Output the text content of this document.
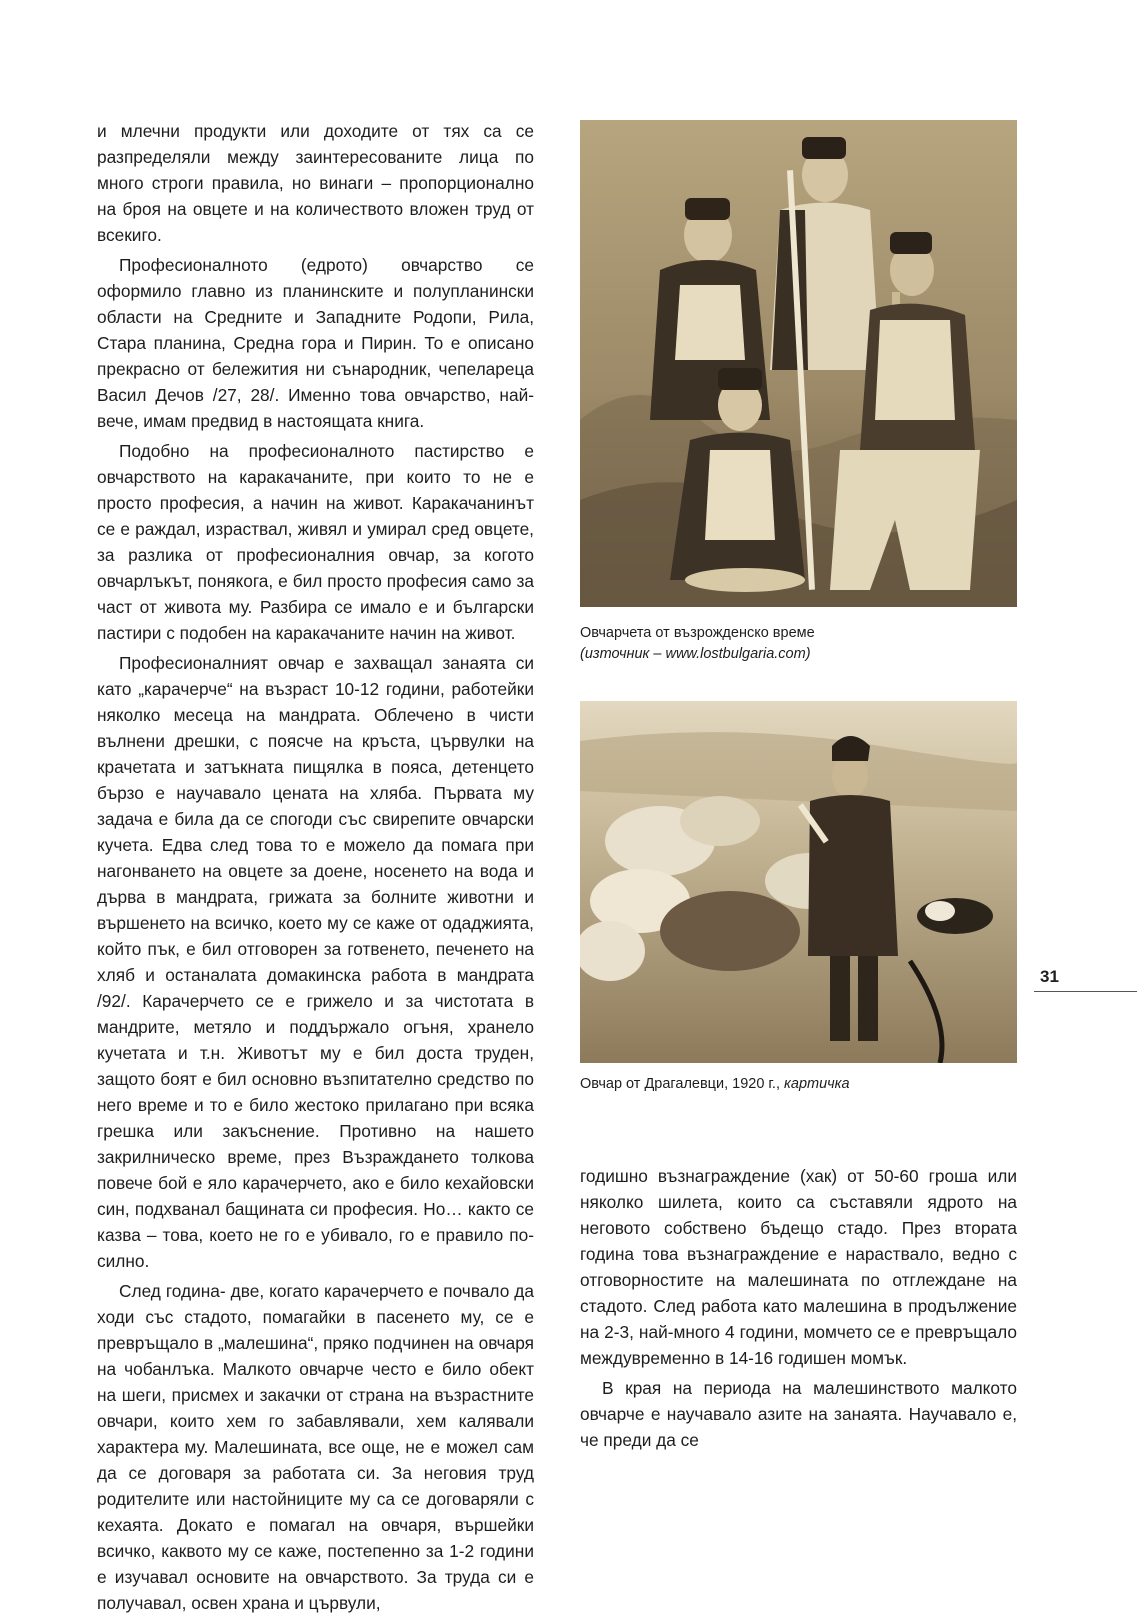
и млечни продукти или доходите от тях са се разпределяли между заинтересованите лица по много строги правила, но винаги – пропорционално на броя на овцете и на количеството вложен труд от всекиго.

Професионалното (едрото) овчарство се оформило главно из планинските и полупланински области на Средните и Западните Родопи, Рила, Стара планина, Средна гора и Пирин. То е описано прекрасно от бележития ни сънародник, чепелареца Васил Дечов /27, 28/. Именно това овчарство, най-вече, имам предвид в настоящата книга.

Подобно на професионалното пастирство е овчарството на каракачаните, при които то не е просто професия, а начин на живот. Каракачанинът се е раждал, израствал, живял и умирал сред овцете, за разлика от професионалния овчар, за когото овчарлъкът, понякога, е бил просто професия само за част от живота му. Разбира се имало е и български пастири с подобен на каракачаните начин на живот.

Професионалният овчар е захващал занаята си като „карачерче“ на възраст 10-12 години, работейки няколко месеца на мандрата. Облечено в чисти вълнени дрешки, с поясче на кръста, цървулки на крачетата и затъкната пищялка в пояса, детенцето бързо е научавало цената на хляба. Първата му задача е била да се спогоди със свирепите овчарски кучета. Едва след това то е можело да помага при нагонването на овцете за доене, носенето на вода и дърва в мандрата, грижата за болните животни и вършенето на всичко, което му се каже от одаджията, който пък, е бил отговорен за готвенето, печенето на хляб и останалата домакинска работа в мандрата /92/. Карачерчето се е грижело и за чистотата в мандрите, метяло и поддържало огъня, хранело кучетата и т.н. Животът му е бил доста труден, защото боят е бил основно възпитателно средство по него време и то е било жестоко прилагано при всяка грешка или закъснение. Противно на нашето закрилническо време, през Възраждането толкова повече бой е яло карачерчето, ако е било кехайовски син, подхванал бащината си професия. Но… както се казва – това, което не го е убивало, го е правило по-силно.

След година- две, когато карачерчето е почвало да ходи със стадото, помагайки в пасенето му, се е превръщало в „малешина“, пряко подчинен на овчаря на чобанлъка. Малкото овчарче често е било обект на шеги, присмех и закачки от страна на възрастните овчари, които хем го забавлявали, хем калявали характера му. Малешината, все още, не е можел сам да се договаря за работата си. За неговия труд родителите или настойниците му са се договаряли с кехаята. Докато е помагал на овчаря, вършейки всичко, каквото му се каже, постепенно за 1-2 години е изучавал основите на овчарството. За труда си е получавал, освен храна и цървули,

Овчарчета от възрожденско време
(източник – www.lostbulgaria.com)
Овчар от Драгалевци, 1920 г., картичка
31

годишно възнаграждение (хак) от 50-60 гроша или няколко шилета, които са съставяли ядрото на неговото собствено бъдещо стадо. През втората година това възнаграждение е нараствало, ведно с отговорностите на малешината по отглеждане на стадото. След работа като малешина в продължение на 2-3, най-много 4 години, момчето се е превръщало междувременно в 14-16 годишен момък.

В края на периода на малешинството малкото овчарче е научавало азите на занаята. Научавало е, че преди да се
